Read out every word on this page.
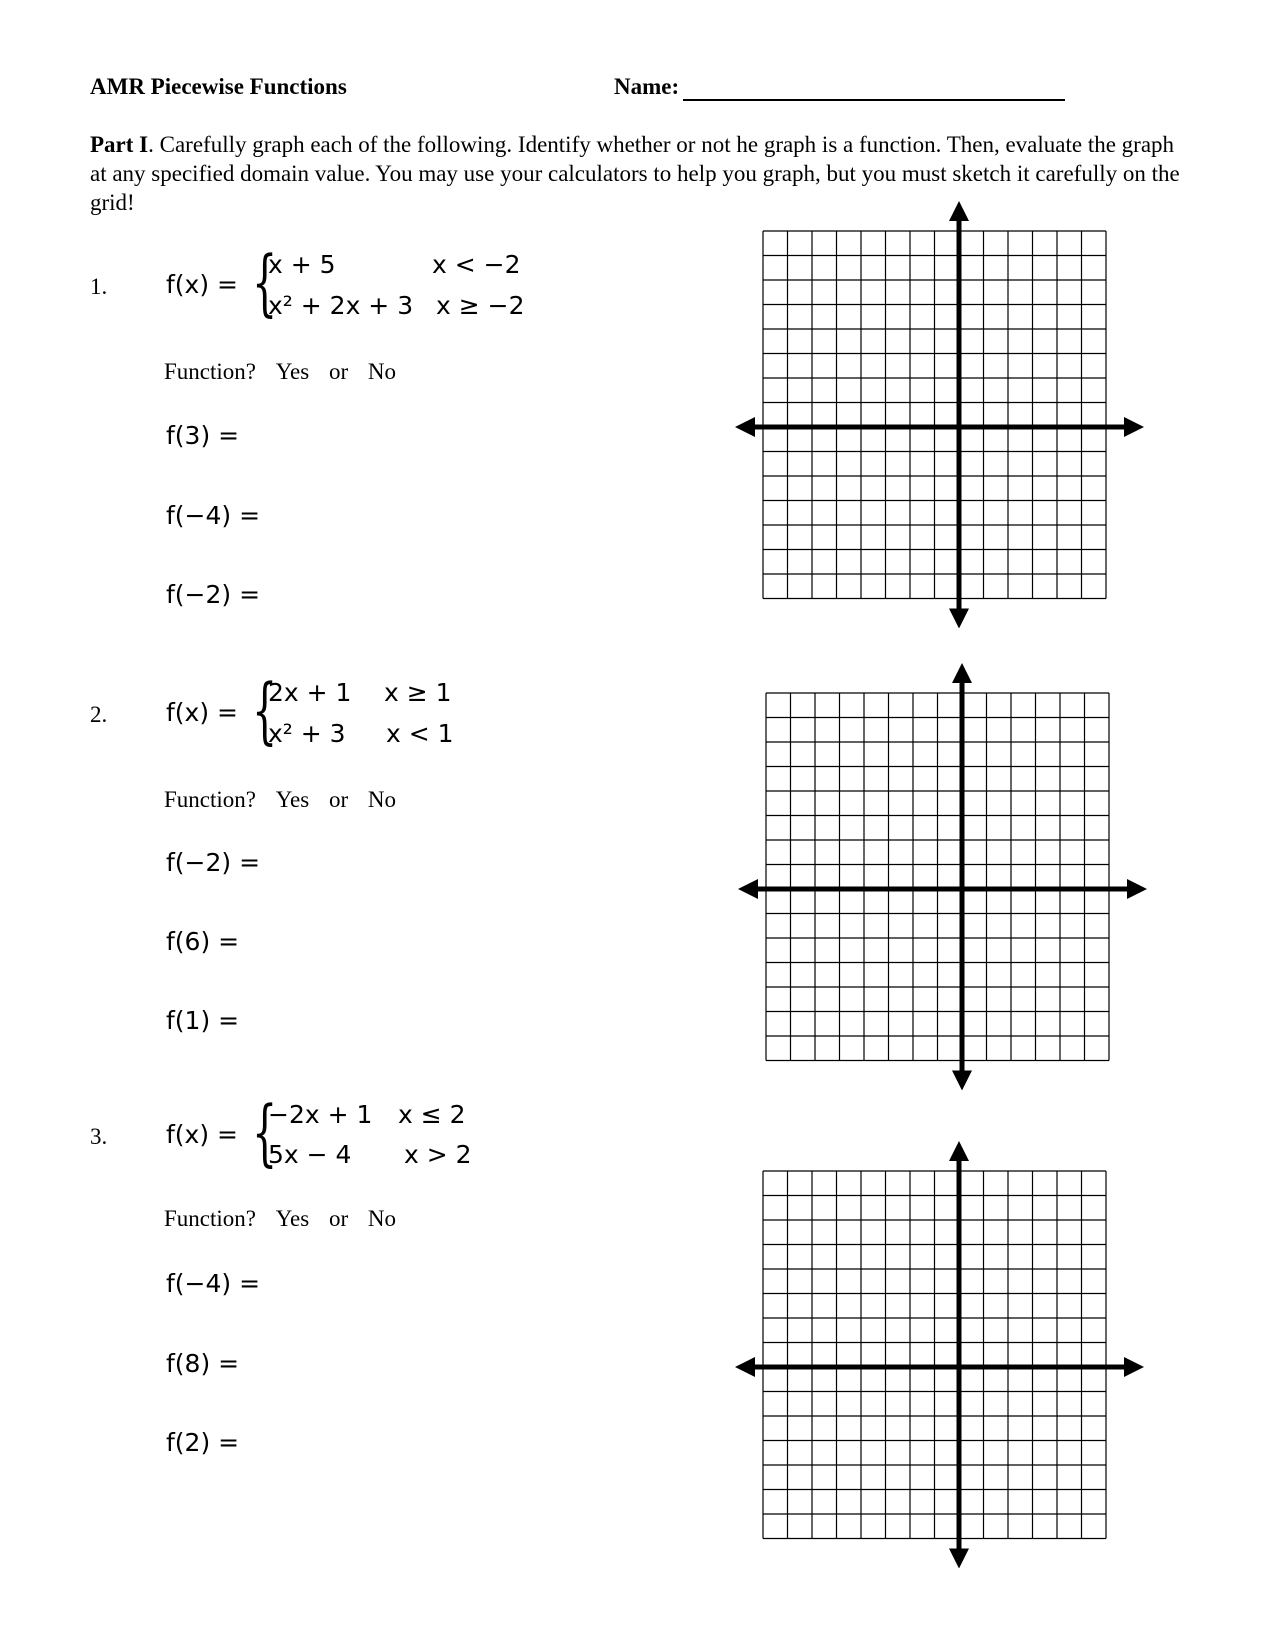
AMR Piecewise Functions	Name:
Part I. Carefully graph each of the following. Identify whether or not he graph is a function. Then, evaluate the graph at any specified domain value. You may use your calculators to help you graph, but you must sketch it carefully on the grid!
1. f(x) = {
x + 5	x < −2
x² + 2x + 3 x ≥ −2
Function? Yes or No
f(3) =
f(−4) =
f(−2) =
2. f(x) = {
2x + 1 x ≥ 1
x² + 3 x < 1
Function? Yes or No
f(−2) =
f(6) =
f(1) =
3. f(x) = {
−2x + 1 x ≤ 2
5x − 4 x > 2
Function? Yes or No
f(−4) =
f(8) =
f(2) =
